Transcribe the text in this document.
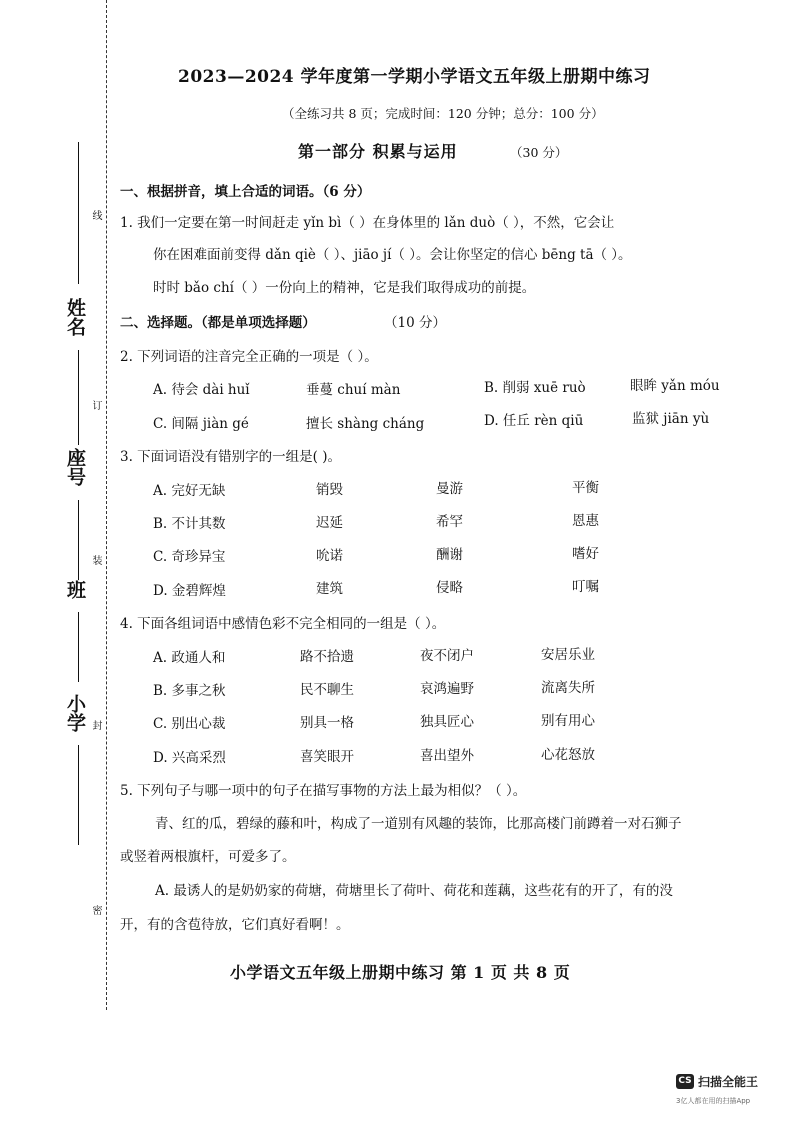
姓名
座号
班
小学
线
订
装
封
密
2023—2024 学年度第一学期小学语文五年级上册期中练习
（全练习共 8 页；完成时间：120 分钟；总分：100 分）
第一部分 积累与运用	（30 分）
一、根据拼音，填上合适的词语。（6 分）
1. 我们一定要在第一时间赶走 yǐn bì（ ）在身体里的 lǎn duò（ ），不然，它会让
你在困难面前变得 dǎn qiè（ ）、jiāo jí（ ）。会让你坚定的信心 bēng tā（ ）。
时时 bǎo chí（ ）一份向上的精神，它是我们取得成功的前提。
二、选择题。（都是单项选择题）	（10 分）
2. 下列词语的注音完全正确的一项是（ ）。
A. 待会 dài huǐ	垂蔓 chuí màn	B. 削弱 xuē ruò	眼眸 yǎn móu
C. 间隔 jiàn gé	擅长 shàng cháng	D. 任丘 rèn qiū	监狱 jiān yù
3. 下面词语没有错别字的一组是( )。
A. 完好无缺	销毁	曼游	平衡
B. 不计其数	迟延	希罕	恩惠
C. 奇珍异宝	吮诺	酬谢	嗜好
D. 金碧辉煌	建筑	侵略	叮嘱
4. 下面各组词语中感情色彩不完全相同的一组是（ ）。
A. 政通人和	路不拾遗	夜不闭户	安居乐业
B. 多事之秋	民不聊生	哀鸿遍野	流离失所
C. 别出心裁	别具一格	独具匠心	别有用心
D. 兴高采烈	喜笑眼开	喜出望外	心花怒放
5. 下列句子与哪一项中的句子在描写事物的方法上最为相似？（ ）。
青、红的瓜，碧绿的藤和叶，构成了一道别有风趣的装饰，比那高楼门前蹲着一对石狮子
或竖着两根旗杆，可爱多了。
A. 最诱人的是奶奶家的荷塘，荷塘里长了荷叶、荷花和莲藕，这些花有的开了，有的没
开，有的含苞待放，它们真好看啊！。
小学语文五年级上册期中练习 第 1 页 共 8 页
CS 扫描全能王
3亿人都在用的扫描App
